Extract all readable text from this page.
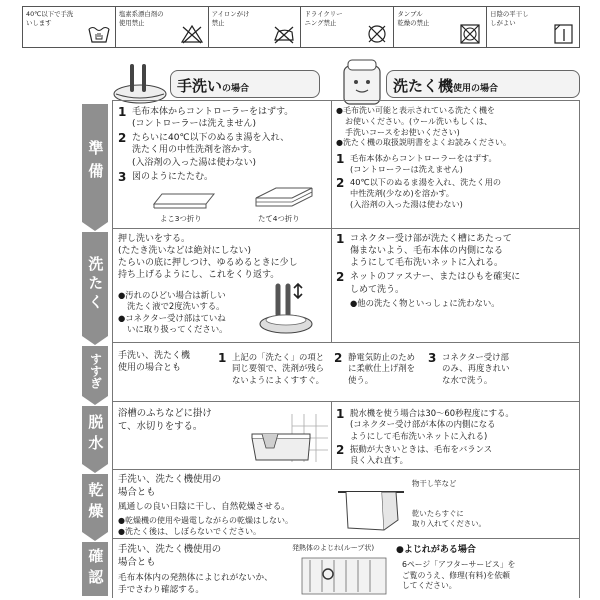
40℃以下で手洗
いします
塩素系漂白剤の
使用禁止
アイロンがけ
禁止
ドライクリー
ニング禁止
タンブル
乾燥の禁止
日陰の平干し
しがよい
手洗い の場合	洗たく機 使用の場合
準備
洗たく
すすぎ
脱水
乾燥
確認
1 毛布本体からコントローラーをはずす。
(コントローラーは洗えません)
2 たらいに40℃以下のぬるま湯を入れ、
洗たく用の中性洗剤を溶かす。
(入浴剤の入った湯は使わない)
3 図のようにたたむ。
よこ3つ折り	たて4つ折り
●毛布洗い可能と表示されている洗たく機を
お使いください。(ウール洗いもしくは、
手洗いコースをお使いください)
●洗たく機の取扱説明書をよくお読みください。
1 毛布本体からコントローラーをはずす。
(コントローラーは洗えません)
2 40℃以下のぬるま湯を入れ、洗たく用の
中性洗剤(少なめ)を溶かす。
(入浴剤の入った湯は使わない)
押し洗いをする。
(たたき洗いなどは絶対にしない)
たらいの底に押しつけ、ゆるめるときに少し
持ち上げるようにし、これをくり返す。
●汚れのひどい場合は新しい
洗たく液で2度洗いする。
●コネクター受け部はていね
いに取り扱ってください。
1 コネクター受け部が洗たく槽にあたって
傷まないよう、毛布本体の内側になる
ようにして毛布洗いネットに入れる。
2 ネットのファスナー、またはひもを確実に
しめて洗う。
●他の洗たく物といっしょに洗わない。
手洗い、洗たく機
使用の場合とも
1 上記の「洗たく」の項と
同じ要領で、洗剤が残ら
ないようによくすすぐ。
2 静電気防止のため
に柔軟仕上げ剤を
使う。
3 コネクター受け部
のみ、再度きれい
な水で洗う。
浴槽のふちなどに掛け
て、水切りをする。
1 脱水機を使う場合は30～60秒程度にする。
(コネクター受け部が本体の内側になる
ようにして毛布洗いネットに入れる)
2 振動が大きいときは、毛布をバランス
良く入れ直す。
手洗い、洗たく機使用の
場合とも
風通しの良い日陰に干し、自然乾燥させる。
●乾燥機の使用や過電しながらの乾燥はしない。
●洗たく後は、しぼらないでください。
物干し竿など
乾いたらすぐに
取り入れてください。
手洗い、洗たく機使用の
場合とも
毛布本体内の発熱体によじれがないか、
手でさわり確認する。
発熱体のよじれ(ループ状) ●よじれがある場合
6ページ「アフターサービス」を
ご覧のうえ、修理(有料)を依頼
してください。
